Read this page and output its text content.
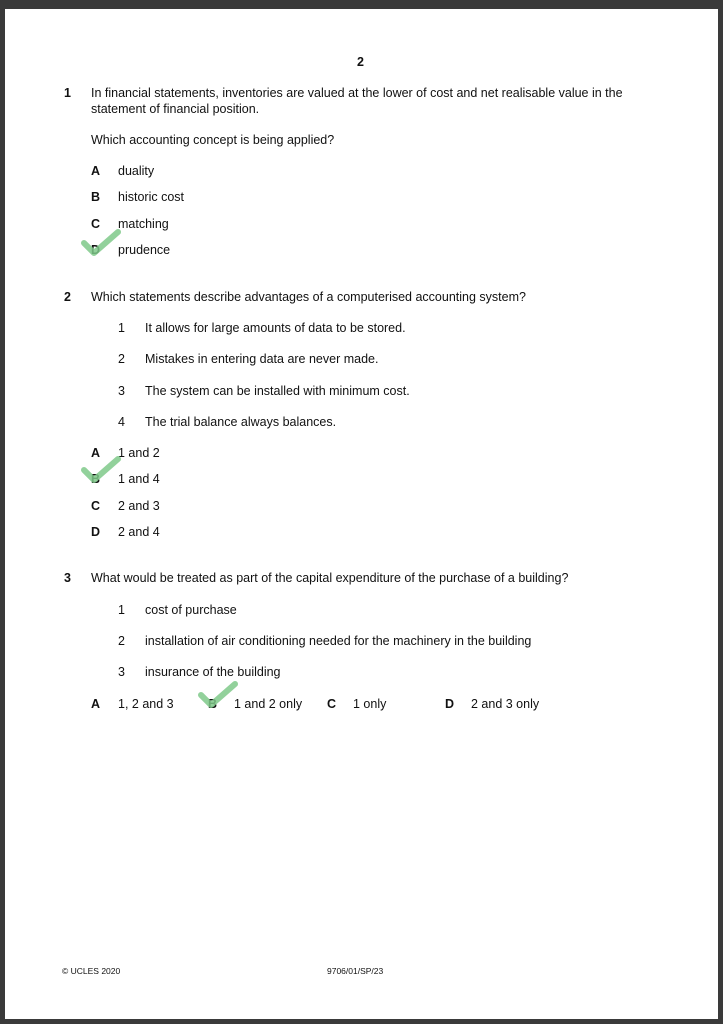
2
1 In financial statements, inventories are valued at the lower of cost and net realisable value in the statement of financial position.
Which accounting concept is being applied?
A duality
B historic cost
C matching
D prudence
2 Which statements describe advantages of a computerised accounting system?
1 It allows for large amounts of data to be stored.
2 Mistakes in entering data are never made.
3 The system can be installed with minimum cost.
4 The trial balance always balances.
A 1 and 2
B 1 and 4
C 2 and 3
D 2 and 4
3 What would be treated as part of the capital expenditure of the purchase of a building?
1 cost of purchase
2 installation of air conditioning needed for the machinery in the building
3 insurance of the building
A 1, 2 and 3	B 1 and 2 only C 1 only	D 2 and 3 only
© UCLES 2020	9706/01/SP/23
